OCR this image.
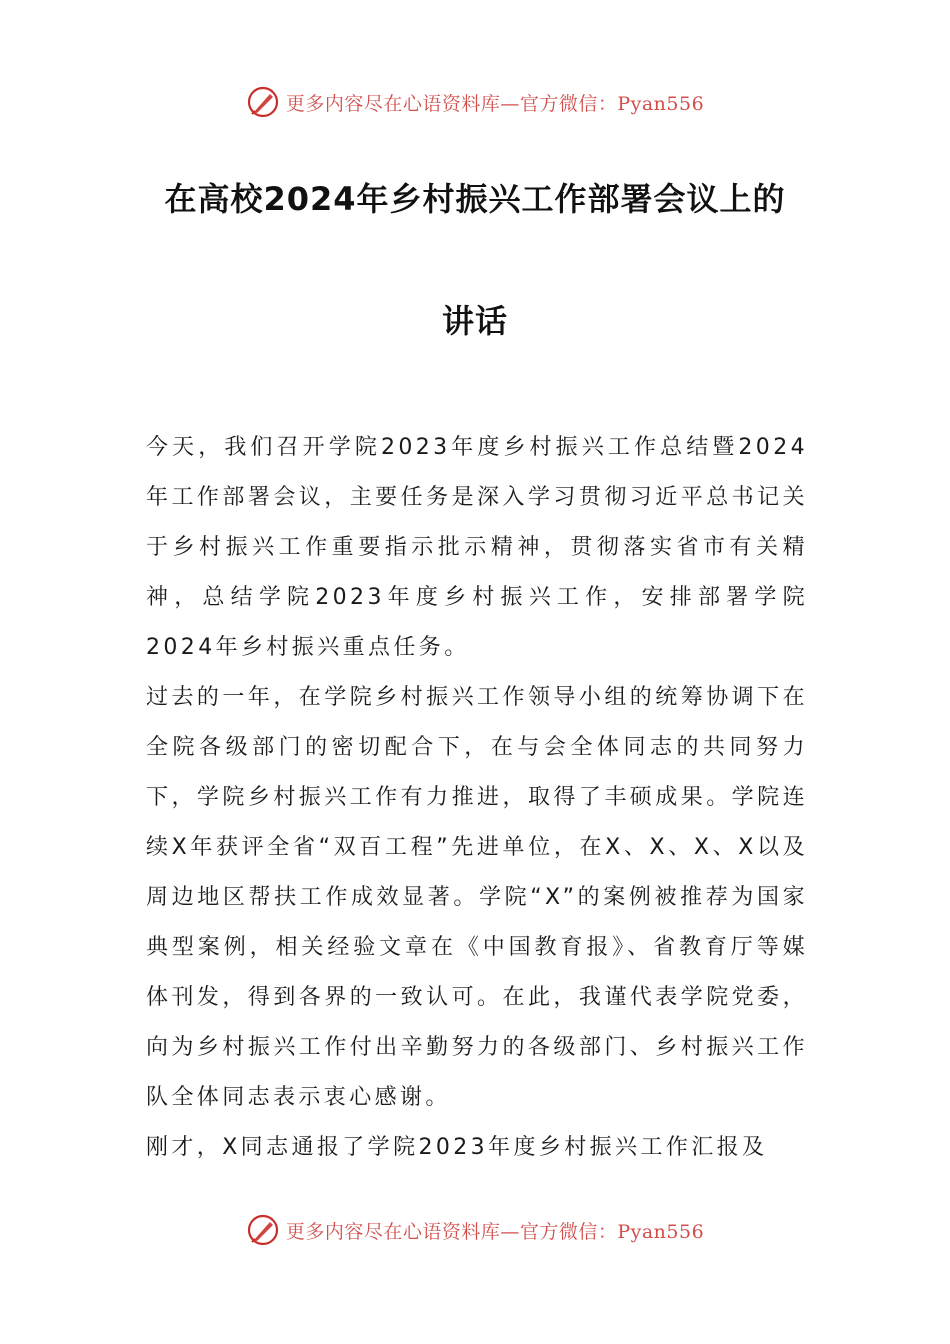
更多内容尽在心语资料库—官方微信：Pyan556
在高校2024年乡村振兴工作部署会议上的
讲话

今天，我们召开学院2023年度乡村振兴工作总结暨2024年工作部署会议，主要任务是深入学习贯彻习近平总书记关于乡村振兴工作重要指示批示精神，贯彻落实省市有关精神，总结学院2023年度乡村振兴工作，安排部署学院2024年乡村振兴重点任务。

过去的一年，在学院乡村振兴工作领导小组的统筹协调下在全院各级部门的密切配合下，在与会全体同志的共同努力下，学院乡村振兴工作有力推进，取得了丰硕成果。学院连续X年获评全省“双百工程”先进单位，在X、X、X、X以及周边地区帮扶工作成效显著。学院“X”的案例被推荐为国家典型案例，相关经验文章在《中国教育报》、省教育厅等媒体刊发，得到各界的一致认可。在此，我谨代表学院党委，向为乡村振兴工作付出辛勤努力的各级部门、乡村振兴工作队全体同志表示衷心感谢。

刚才，X同志通报了学院2023年度乡村振兴工作汇报及

更多内容尽在心语资料库—官方微信：Pyan556
